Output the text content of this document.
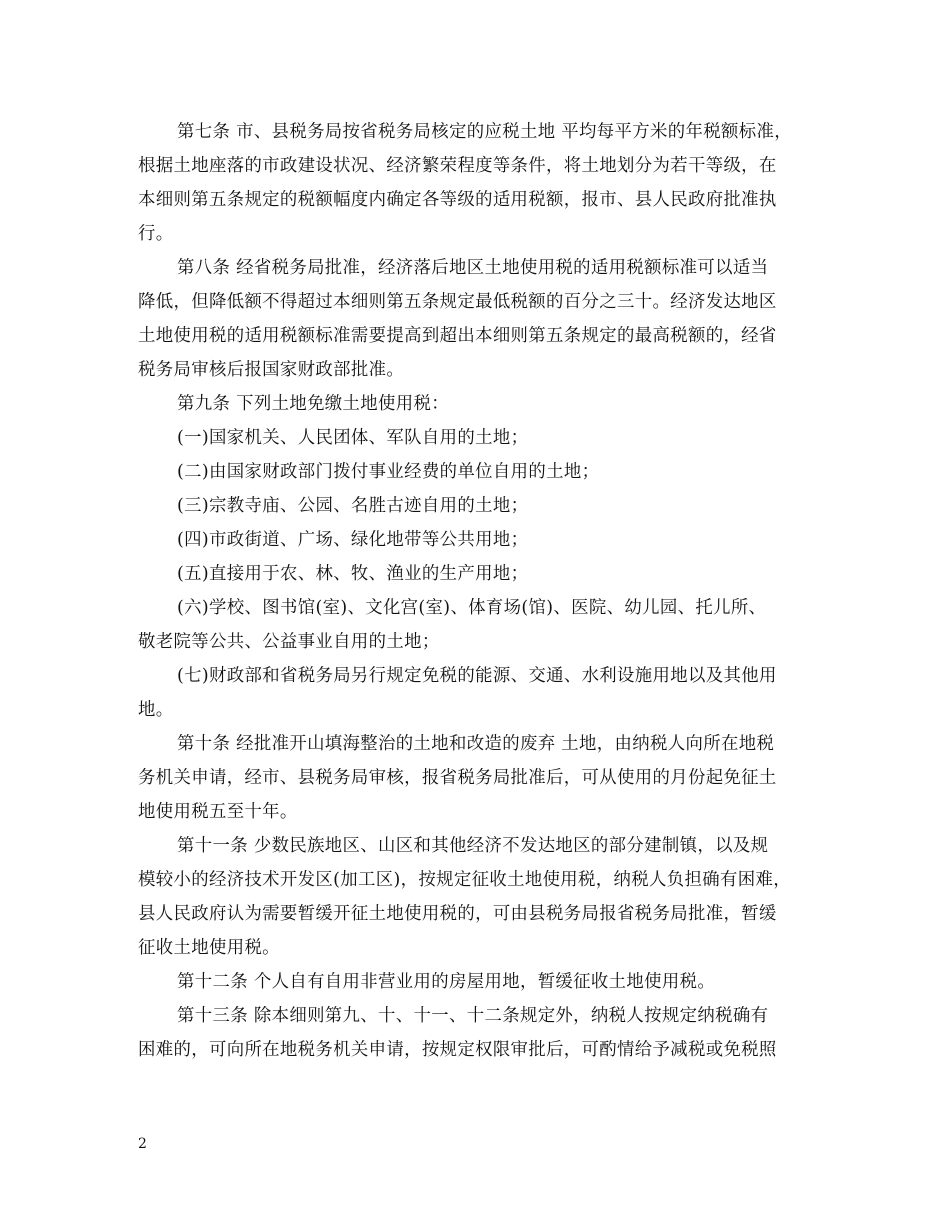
第七条 市、县税务局按省税务局核定的应税土地 平均每平方米的年税额标准，
根据土地座落的市政建设状况、经济繁荣程度等条件，将土地划分为若干等级，在
本细则第五条规定的税额幅度内确定各等级的适用税额，报市、县人民政府批准执
行。

第八条 经省税务局批准，经济落后地区土地使用税的适用税额标准可以适当
降低，但降低额不得超过本细则第五条规定最低税额的百分之三十。经济发达地区
土地使用税的适用税额标准需要提高到超出本细则第五条规定的最高税额的，经省
税务局审核后报国家财政部批准。

第九条 下列土地免缴土地使用税：

(一)国家机关、人民团体、军队自用的土地；

(二)由国家财政部门拨付事业经费的单位自用的土地；

(三)宗教寺庙、公园、名胜古迹自用的土地；

(四)市政街道、广场、绿化地带等公共用地；

(五)直接用于农、林、牧、渔业的生产用地；

(六)学校、图书馆(室)、文化宫(室)、体育场(馆)、医院、幼儿园、托儿所、
敬老院等公共、公益事业自用的土地；

(七)财政部和省税务局另行规定免税的能源、交通、水利设施用地以及其他用
地。

第十条 经批准开山填海整治的土地和改造的废弃 土地，由纳税人向所在地税
务机关申请，经市、县税务局审核，报省税务局批准后，可从使用的月份起免征土
地使用税五至十年。

第十一条 少数民族地区、山区和其他经济不发达地区的部分建制镇，以及规
模较小的经济技术开发区(加工区)，按规定征收土地使用税，纳税人负担确有困难，
县人民政府认为需要暂缓开征土地使用税的，可由县税务局报省税务局批准，暂缓
征收土地使用税。

第十二条 个人自有自用非营业用的房屋用地，暂缓征收土地使用税。

第十三条 除本细则第九、十、十一、十二条规定外，纳税人按规定纳税确有
困难的，可向所在地税务机关申请，按规定权限审批后，可酌情给予减税或免税照

2
